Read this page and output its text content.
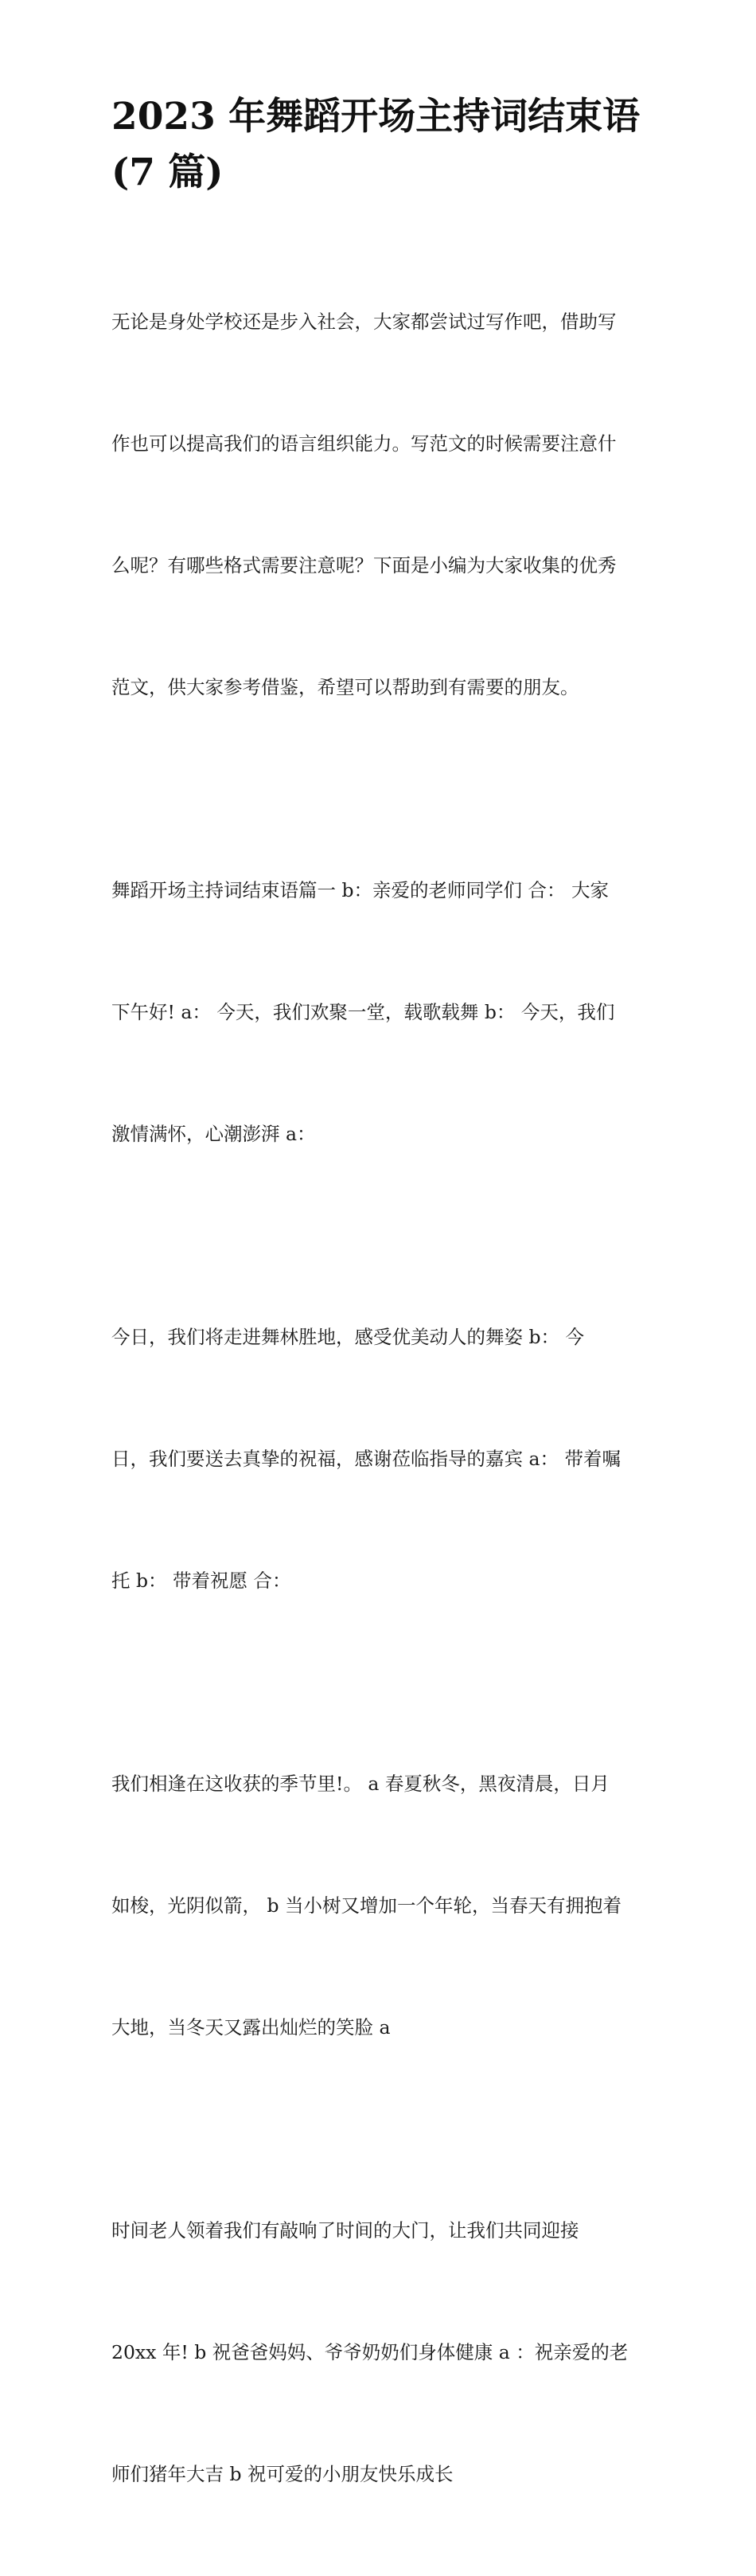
2023 年舞蹈开场主持词结束语
(7 篇)

无论是身处学校还是步入社会，大家都尝试过写作吧，借助写

作也可以提高我们的语言组织能力。写范文的时候需要注意什

么呢？有哪些格式需要注意呢？下面是小编为大家收集的优秀

范文，供大家参考借鉴，希望可以帮助到有需要的朋友。

舞蹈开场主持词结束语篇一 b：亲爱的老师同学们 合： 大家

下午好! a： 今天，我们欢聚一堂，载歌载舞 b： 今天，我们

激情满怀，心潮澎湃 a：

今日，我们将走进舞林胜地，感受优美动人的舞姿 b： 今

日，我们要送去真挚的祝福，感谢莅临指导的嘉宾 a： 带着嘱

托 b： 带着祝愿 合：

我们相逢在这收获的季节里!。 a 春夏秋冬，黑夜清晨，日月

如梭，光阴似箭， b 当小树又增加一个年轮，当春天有拥抱着

大地，当冬天又露出灿烂的笑脸 a

时间老人领着我们有敲响了时间的大门，让我们共同迎接

20xx 年! b 祝爸爸妈妈、爷爷奶奶们身体健康 a ：祝亲爱的老

师们猪年大吉 b 祝可爱的小朋友快乐成长
